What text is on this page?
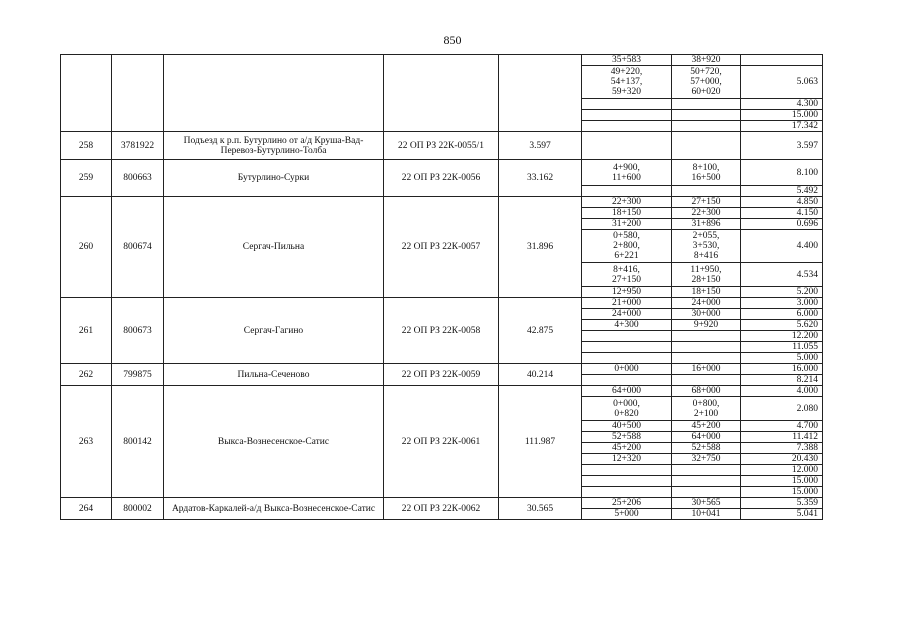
850
					35+583	38+920	
					49+220,
54+137,
59+320	50+720,
57+000,
60+020	5.063
							4.300
							15.000
							17.342
258	3781922	Подъезд к р.п. Бутурлино от а/д Круша-Вад-Перевоз-Бутурлино-Толба	22 ОП РЗ 22К-0055/1	3.597			3.597
259	800663	Бутурлино-Сурки	22 ОП РЗ 22К-0056	33.162	4+900,
11+600	8+100,
16+500	8.100
							5.492
260	800674	Сергач-Пильна	22 ОП РЗ 22К-0057	31.896	22+300	27+150	4.850
					18+150	22+300	4.150
					31+200	31+896	0.696
					0+580,
2+800,
6+221	2+055,
3+530,
8+416	4.400
					8+416,
27+150	11+950,
28+150	4.534
					12+950	18+150	5.200
261	800673	Сергач-Гагино	22 ОП РЗ 22К-0058	42.875	21+000	24+000	3.000
					24+000	30+000	6.000
					4+300	9+920	5.620
							12.200
							11.055
							5.000
262	799875	Пильна-Сеченово	22 ОП РЗ 22К-0059	40.214	0+000	16+000	16.000
							8.214
263	800142	Выкса-Вознесенское-Сатис	22 ОП РЗ 22К-0061	111.987	64+000	68+000	4.000
					0+000,
0+820	0+800,
2+100	2.080
					40+500	45+200	4.700
					52+588	64+000	11.412
					45+200	52+588	7.388
					12+320	32+750	20.430
							12.000
							15.000
							15.000
264	800002	Ардатов-Каркалей-а/д Выкса-Вознесенское-Сатис	22 ОП РЗ 22К-0062	30.565	25+206	30+565	5.359
					5+000	10+041	5.041
